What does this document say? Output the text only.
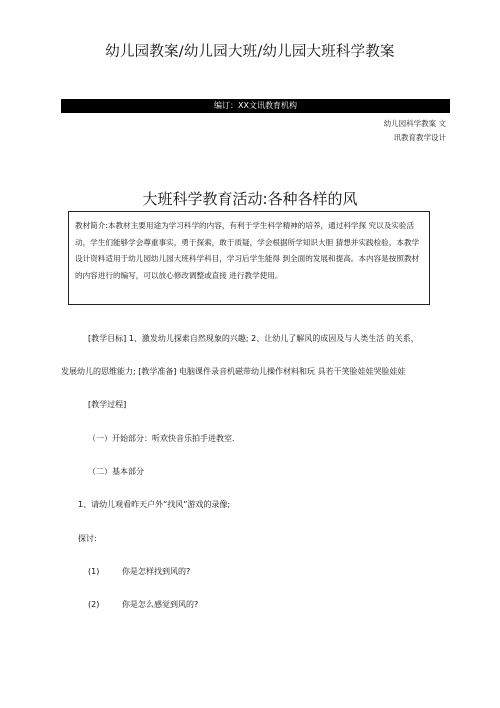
幼儿园教案/幼儿园大班/幼儿园大班科学教案
编订：XX文讯教育机构
幼儿园科学教案 文
讯教育教学设计
大班科学教育活动:各种各样的风
教材简介:本教材主要用途为学习科学的内容，有利于学生科学精神的培养，通过科学探 究以及实验活动，学生们能够学会尊重事实，勇于探索，敢于质疑，学会根据所学知识大胆 猜想并实践检验，本教学设计资料适用于幼儿园幼儿园大班科学科目，学习后学生能得 到全面的发展和提高。本内容是按照教材的内容进行的编写，可以放心修改调整或直接 进行教学使用。
[教学目标] 1、激发幼儿探索自然现象的兴趣; 2、让幼儿了解风的成因及与人类生活 的关系，
发展幼儿的思维能力; [教学准备] 电脑课件录音机磁带幼儿操作材料和玩 具若干笑脸娃娃哭脸娃娃
[教学过程]
（一）开始部分：听欢快音乐拍手进教室.
（二）基本部分
1、请幼儿观看昨天户外“找风”游戏的录像;
探讨:
(1)	你是怎样找到风的?
(2)	你是怎么感觉到风的?
